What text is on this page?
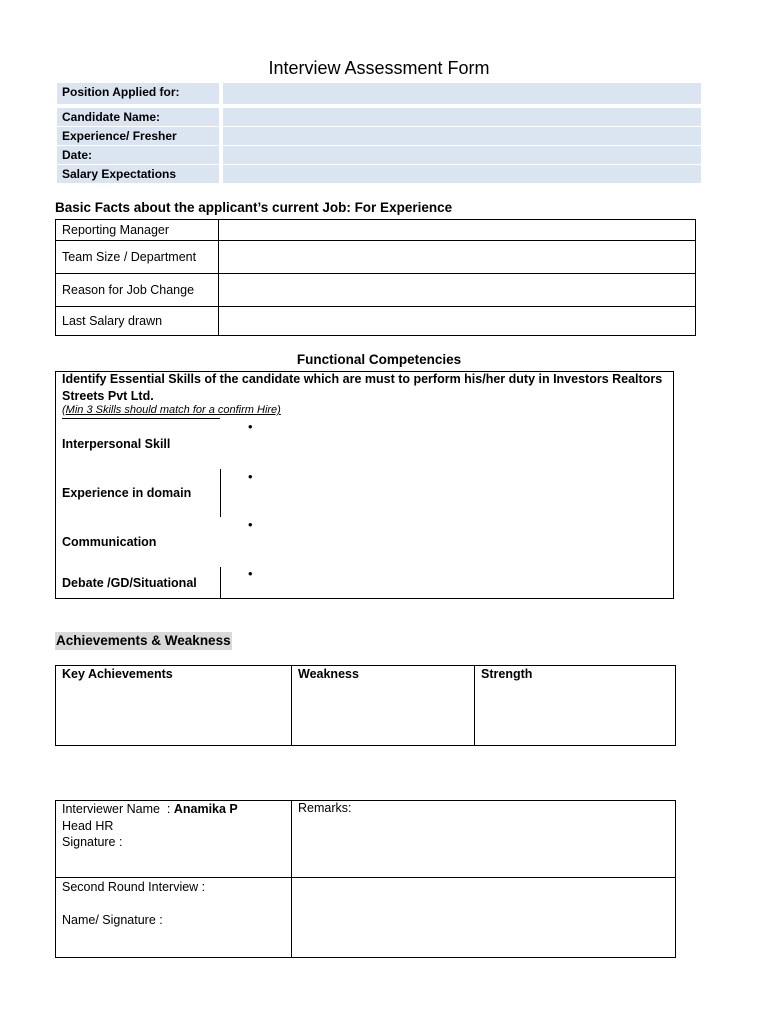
Interview Assessment Form
Position Applied for:
Candidate Name:
Experience/ Fresher
Date:
Salary Expectations
Basic Facts about the applicant’s current Job: For Experience
Reporting Manager	
Team Size / Department	
Reason for Job Change	
Last Salary drawn	
Functional Competencies
Identify Essential Skills of the candidate which are must to perform his/her duty in Investors Realtors Streets Pvt Ltd.
(Min 3 Skills should match for a confirm Hire)
Interpersonal Skill
•
Experience in domain
•
Communication
•
Debate /GD/Situational
•
Achievements & Weakness
Key Achievements	Weakness	Strength
Interviewer Name  : Anamika P
Head HR
Signature :	Remarks:

Second Round Interview :
Name/ Signature :	
